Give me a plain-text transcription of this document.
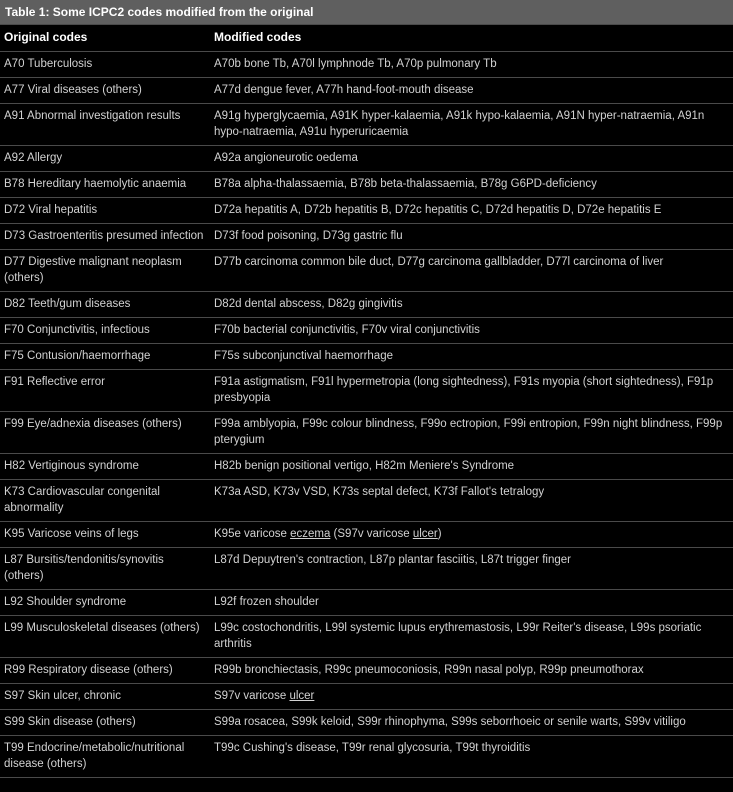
Table 1: Some ICPC2 codes modified from the original
Original codes	Modified codes
A70 Tuberculosis	A70b bone Tb, A70l lymphnode Tb, A70p pulmonary Tb
A77 Viral diseases (others)	A77d dengue fever, A77h hand-foot-mouth disease
A91 Abnormal investigation results	A91g hyperglycaemia, A91K hyper-kalaemia, A91k hypo-kalaemia, A91N hyper-natraemia, A91n hypo-natraemia, A91u hyperuricaemia
A92 Allergy	A92a angioneurotic oedema
B78 Hereditary haemolytic anaemia	B78a alpha-thalassaemia, B78b beta-thalassaemia, B78g G6PD-deficiency
D72 Viral hepatitis	D72a hepatitis A, D72b hepatitis B, D72c hepatitis C, D72d hepatitis D, D72e hepatitis E
D73 Gastroenteritis presumed infection	D73f food poisoning, D73g gastric flu
D77 Digestive malignant neoplasm (others)	D77b carcinoma common bile duct, D77g carcinoma gallbladder, D77l carcinoma of liver
D82 Teeth/gum diseases	D82d dental abscess, D82g gingivitis
F70 Conjunctivitis, infectious	F70b bacterial conjunctivitis, F70v viral conjunctivitis
F75 Contusion/haemorrhage	F75s subconjunctival haemorrhage
F91 Reflective error	F91a astigmatism, F91l hypermetropia (long sightedness), F91s myopia (short sightedness), F91p presbyopia
F99 Eye/adnexia diseases (others)	F99a amblyopia, F99c colour blindness, F99o ectropion, F99i entropion, F99n night blindness, F99p pterygium
H82 Vertiginous syndrome	H82b benign positional vertigo, H82m Meniere's Syndrome
K73 Cardiovascular congenital abnormality	K73a ASD, K73v VSD, K73s septal defect, K73f Fallot's tetralogy
K95 Varicose veins of legs	K95e varicose eczema (S97v varicose ulcer)
L87 Bursitis/tendonitis/synovitis (others)	L87d Depuytren's contraction, L87p plantar fasciitis, L87t trigger finger
L92 Shoulder syndrome	L92f frozen shoulder
L99 Musculoskeletal diseases (others)	L99c costochondritis, L99l systemic lupus erythremastosis, L99r Reiter's disease, L99s psoriatic arthritis
R99 Respiratory disease (others)	R99b bronchiectasis, R99c pneumoconiosis, R99n nasal polyp, R99p pneumothorax
S97 Skin ulcer, chronic	S97v varicose ulcer
S99 Skin disease (others)	S99a rosacea, S99k keloid, S99r rhinophyma, S99s seborrhoeic or senile warts, S99v vitiligo
T99 Endocrine/metabolic/nutritional disease (others)	T99c Cushing's disease, T99r renal glycosuria, T99t thyroiditis
